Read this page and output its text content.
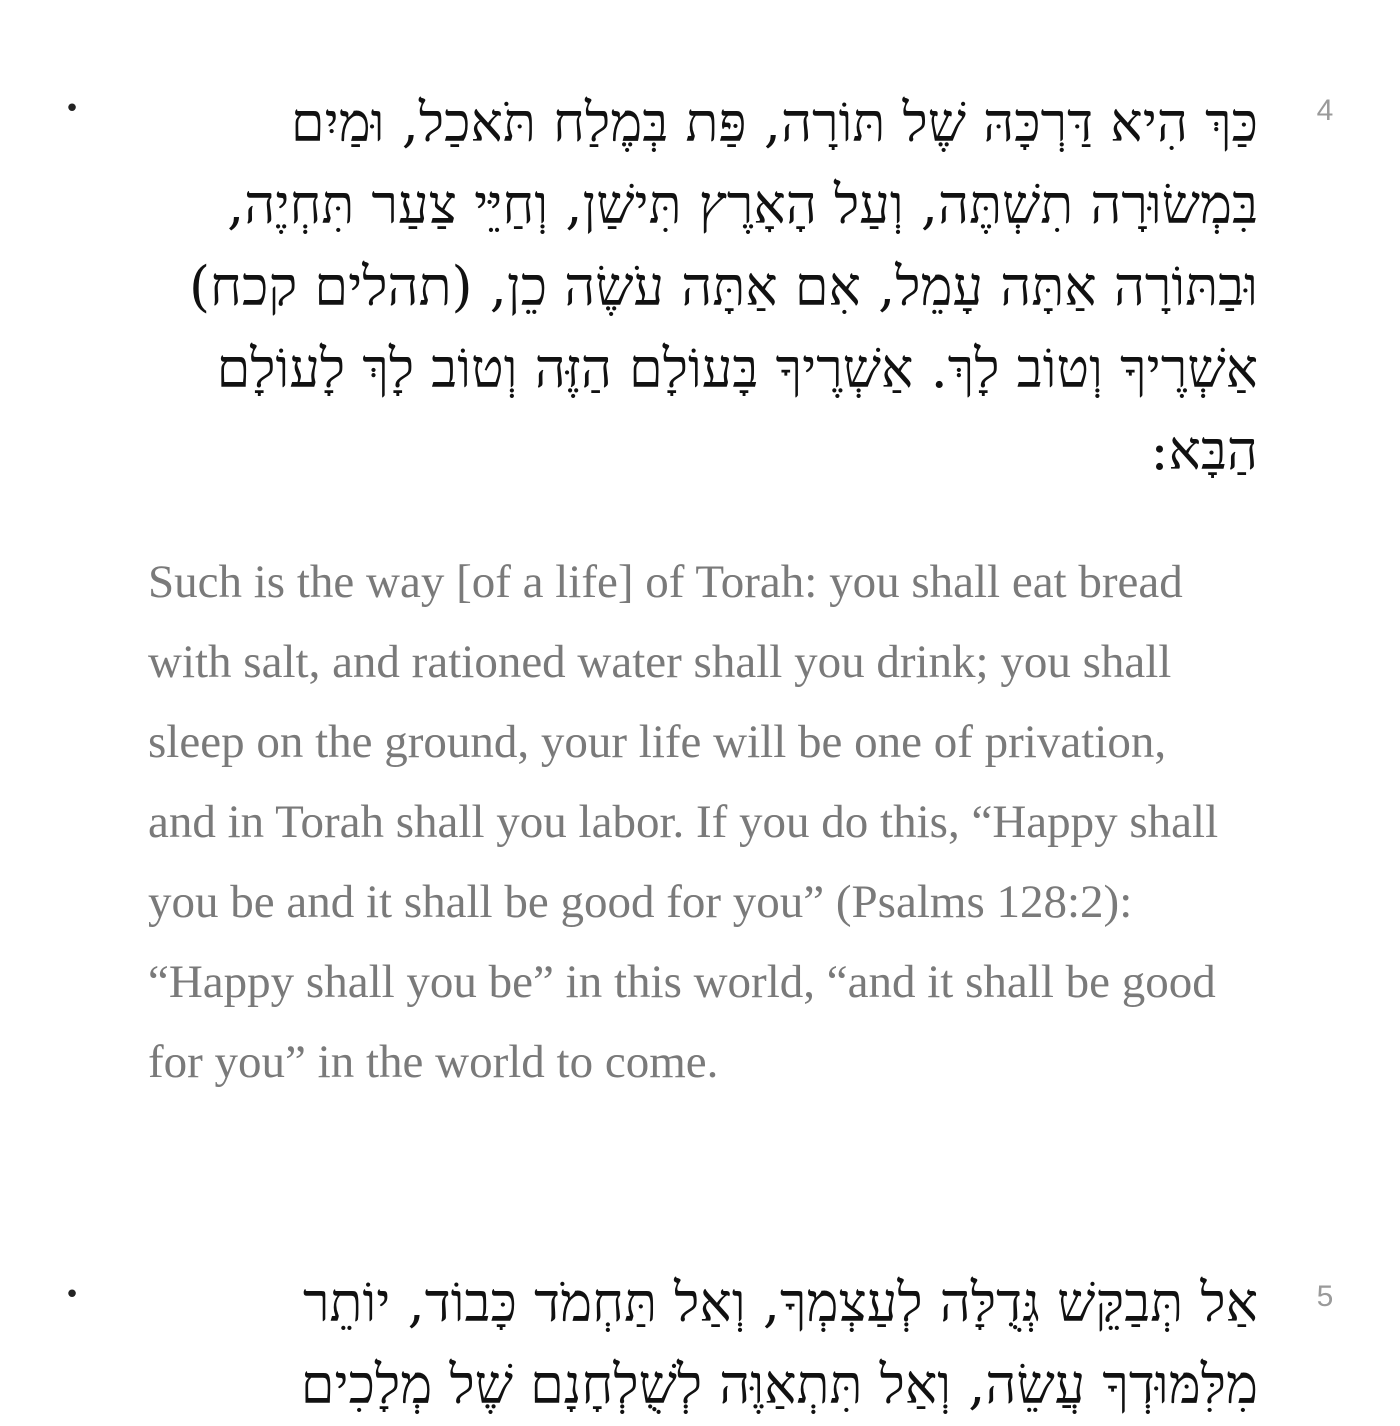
•	כַּךְ הִיא דַּרְכָּהּ שֶׁל תּוֹרָה, פַּת בְּמֶלַח תֹּאכַל, וּמַיִם בִּמְשׂוּרָה תִשְׁתֶּה, וְעַל הָאָרֶץ תִּישַׁן, וְחַיֵּי צַעַר תִּחְיֶה, וּבַתּוֹרָה אַתָּה עָמֵל, אִם אַתָּה עֹשֶׂה כֵן, (תהלים קכח) אַשְׁרֶיךָ וְטוֹב לָךְ. אַשְׁרֶיךָ בָּעוֹלָם הַזֶּה וְטוֹב לָךְ לָעוֹלָם הַבָּא:

4

Such is the way [of a life] of Torah: you shall eat bread with salt, and rationed water shall you drink; you shall sleep on the ground, your life will be one of privation, and in Torah shall you labor. If you do this, “Happy shall you be and it shall be good for you” (Psalms 128:2): “Happy shall you be” in this world, “and it shall be good for you” in the world to come.

•	אַל תְּבַקֵּשׁ גְּדֻלָּה לְעַצְמְךָ, וְאַל תַּחְמֹד כָּבוֹד, יוֹתֵר מִלִּמּוּדְךָ עֲשֵׂה, וְאַל תִּתְאַוֶּה לְשֻׁלְחָנָם שֶׁל מְלָכִים

5
